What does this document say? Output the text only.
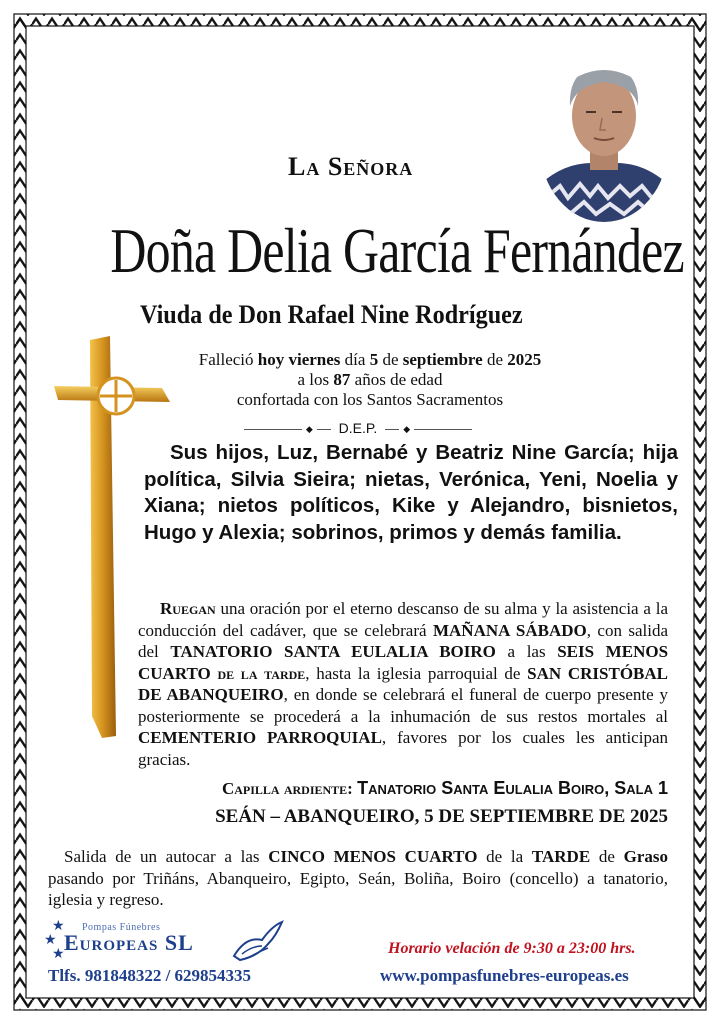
La Señora
Doña Delia García Fernández
Viuda de Don Rafael Nine Rodríguez
Falleció hoy viernes día 5 de septiembre de 2025
a los 87 años de edad
confortada con los Santos Sacramentos
◆ D.E.P.	◆
Sus hijos, Luz, Bernabé y Beatriz Nine García; hija política, Silvia Sieira; nietas, Verónica, Yeni, Noelia y Xiana; nietos políticos, Kike y Alejandro, bisnietos, Hugo y Alexia; sobrinos, primos y demás familia.
Ruegan una oración por el eterno descanso de su alma y la asistencia a la conducción del cadáver, que se celebrará MAÑANA SÁBADO, con salida del TANATORIO SANTA EULALIA BOIRO a las SEIS MENOS CUARTO de la tarde, hasta la iglesia parroquial de SAN CRISTÓBAL DE ABANQUEIRO, en donde se celebrará el funeral de cuerpo presente y posteriormente se procederá a la inhumación de sus restos mortales al CEMENTERIO PARROQUIAL, favores por los cuales les anticipan gracias.
Capilla ardiente: Tanatorio Santa Eulalia Boiro, Sala 1
SEÁN – ABANQUEIRO, 5 DE SEPTIEMBRE DE 2025
Salida de un autocar a las CINCO MENOS CUARTO de la TARDE de Graso pasando por Triñáns, Abanqueiro, Egipto, Seán, Boliña, Boiro (concello) a tanatorio, iglesia y regreso.
★
★
★
Pompas Fúnebres
Europeas SL
Tlfs. 981848322 / 629854335
Horario velación de 9:30 a 23:00 hrs.
www.pompasfunebres-europeas.es
